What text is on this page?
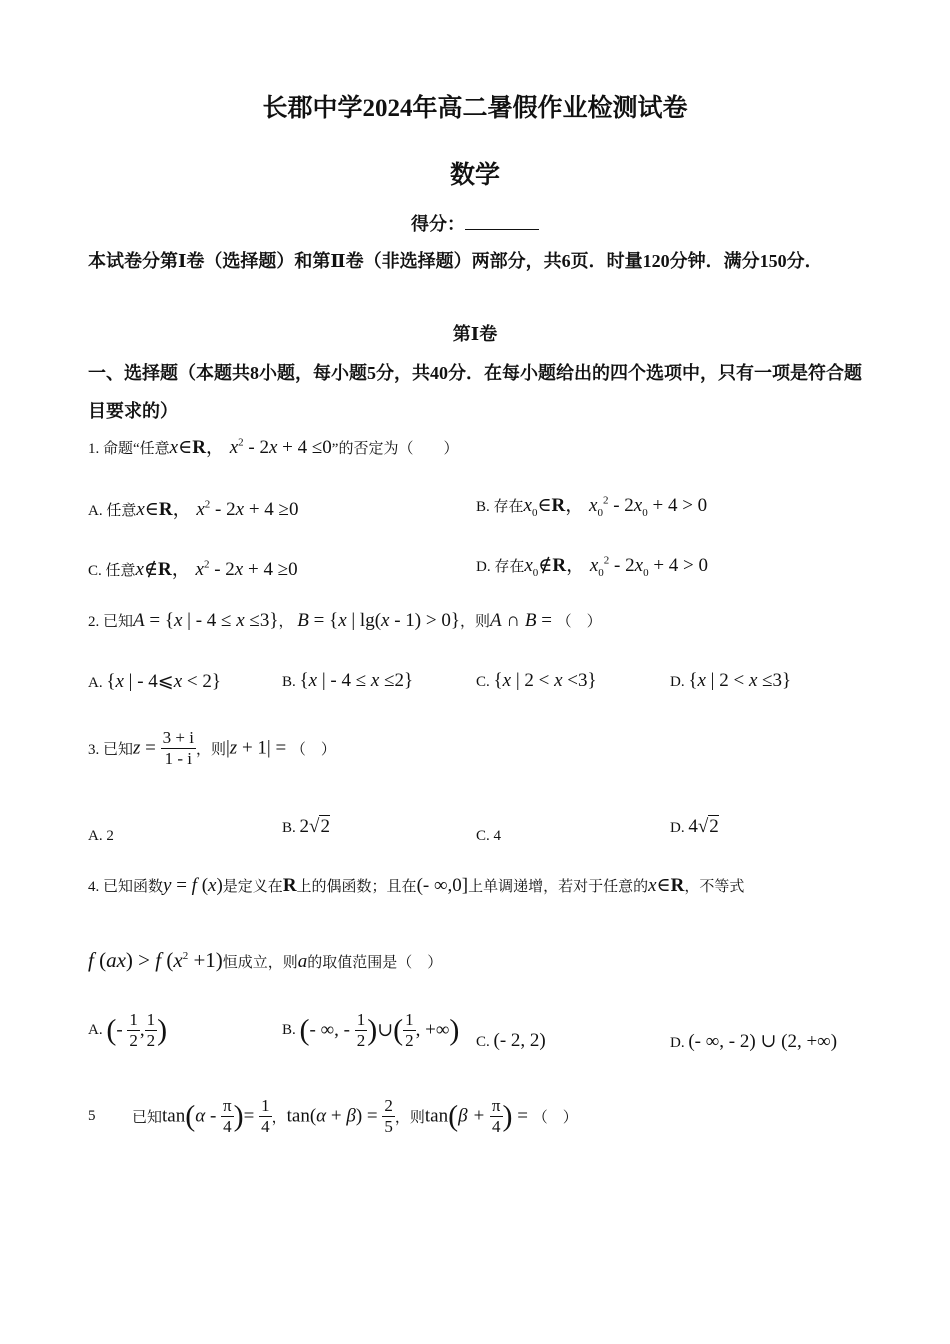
长郡中学2024年高二暑假作业检测试卷
数学
得分：
本试卷分第Ⅰ卷（选择题）和第Ⅱ卷（非选择题）两部分，共6页．时量120分钟．满分150分．
第Ⅰ卷
一、选择题（本题共8小题，每小题5分，共40分．在每小题给出的四个选项中，只有一项是符合题目要求的）
1. 命题“任意x∈R， $x^2 - 2x + 4 \le 0$”的否定为（　　）
A. 任意x∈R， $x^2 - 2x + 4 \ge 0$	B. 存在$x_0\in R$， $x_0^2 - 2x_0 + 4 > 0$
C. 任意x∉R， $x^2 - 2x + 4 \ge 0$	D. 存在$x_0\notin R$， $x_0^2 - 2x_0 + 4 > 0$
2. 已知A = {x | - 4 ≤ x ≤3}， B = {x | lg(x - 1) > 0}，则A ∩ B = （　）
A. {x | - 4⩽x < 2}	B. {x | - 4 ≤ x ≤2}	C. {x | 2 < x <3}	D. {x | 2 < x ≤3}
3. 已知$z = \frac{3 + i}{1 - i}$ ，则|z + 1| = （　）
A. 2	B. 2√2	C. 4	D. 4√2
4. 已知函数y = f (x)是定义在R上的偶函数；且在(- ∞,0]上单调递增，若对于任意的x∈R，不等式
f (ax) > f $(x^2 +1)$恒成立，则a的取值范围是（　）
A. (- $\frac{1}{2}$ , $\frac{1}{2}$ )	B. (- ∞, - $\frac{1}{2}$ )∪( $\frac{1}{2}$ , +∞) C. (- 2, 2)	D. (- ∞, - 2) ∪ (2, +∞)
5 已知$\tan(\alpha - \frac{\pi}{4}$ )= $\frac{1}{4}$ ，$\tan(\alpha + \beta) = \frac{2}{5}$ ，则$\tan(\beta + \frac{\pi}{4}$ ) = （　）
